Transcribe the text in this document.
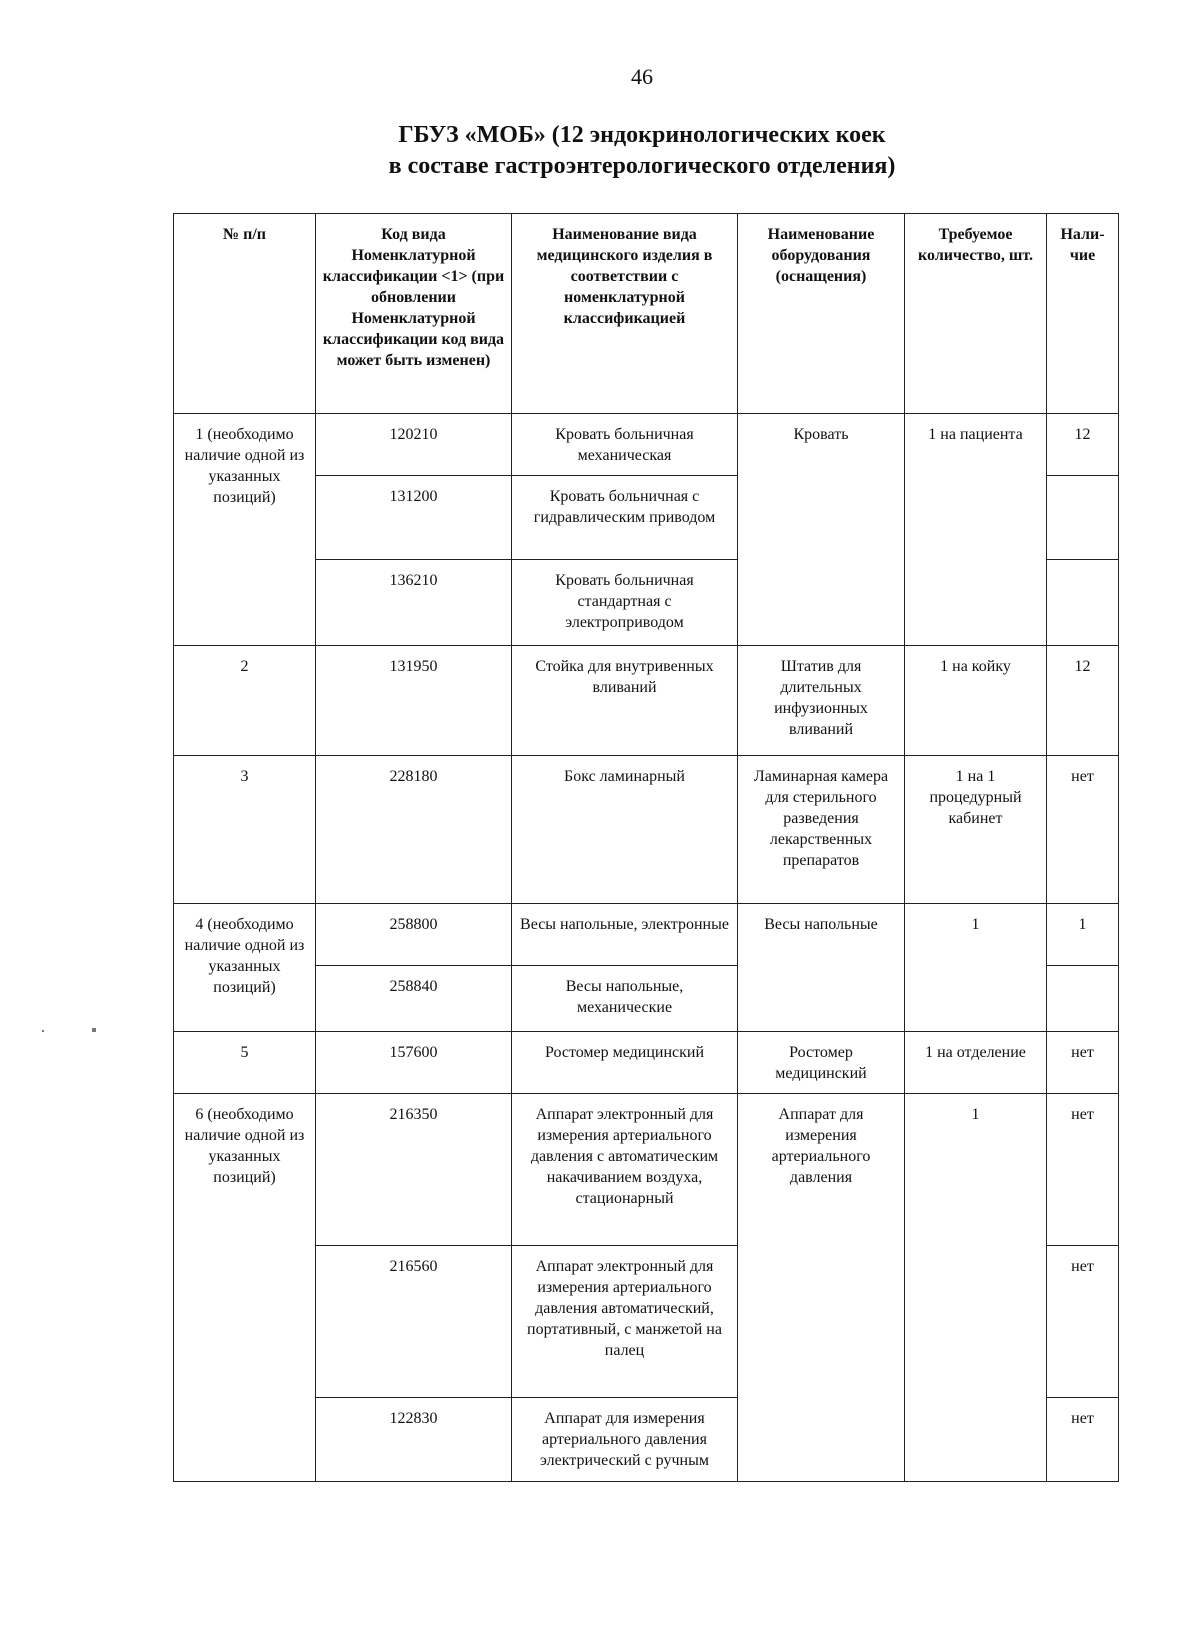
46
ГБУЗ «МОБ» (12 эндокринологических коек
в составе гастроэнтерологического отделения)
№ п/п	Код вида Номенклатурной классификации <1> (при обновлении Номенклатурной классификации код вида может быть изменен)	Наименование вида медицинского изделия в соответствии с номенклатурной классификацией	Наименование оборудования (оснащения)	Требуемое количество, шт.	Нали-чие
1 (необходимо наличие одной из указанных позиций)	120210	Кровать больничная механическая	Кровать	1 на пациента	12
	131200	Кровать больничная с гидравлическим приводом			
	136210	Кровать больничная стандартная с электроприводом			
2	131950	Стойка для внутривенных вливаний	Штатив для длительных инфузионных вливаний	1 на койку	12
3	228180	Бокс ламинарный	Ламинарная камера для стерильного разведения лекарственных препаратов	1 на 1 процедурный кабинет	нет
4 (необходимо наличие одной из указанных позиций)	258800	Весы напольные, электронные	Весы напольные	1	1
	258840	Весы напольные, механические			
5	157600	Ростомер медицинский	Ростомер медицинский	1 на отделение	нет
6 (необходимо наличие одной из указанных позиций)	216350	Аппарат электронный для измерения артериального давления с автоматическим накачиванием воздуха, стационарный	Аппарат для измерения артериального давления	1	нет
	216560	Аппарат электронный для измерения артериального давления автоматический, портативный, с манжетой на палец			нет
	122830	Аппарат для измерения артериального давления электрический с ручным			нет
